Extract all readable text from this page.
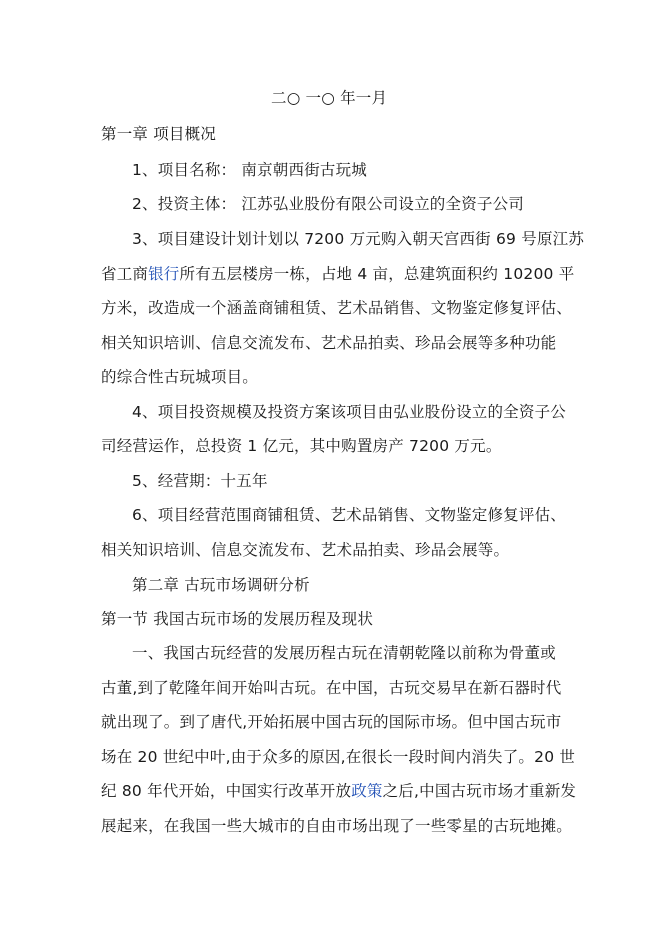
二○ 一○ 年一月
第一章 项目概况
1、项目名称： 南京朝西街古玩城
2、投资主体： 江苏弘业股份有限公司设立的全资子公司
3、项目建设计划计划以 7200 万元购入朝天宫西街 69 号原江苏
省工商银行所有五层楼房一栋，占地 4 亩，总建筑面积约 10200 平
方米，改造成一个涵盖商铺租赁、艺术品销售、文物鉴定修复评估、
相关知识培训、信息交流发布、艺术品拍卖、珍品会展等多种功能
的综合性古玩城项目。
4、项目投资规模及投资方案该项目由弘业股份设立的全资子公
司经营运作，总投资 1 亿元，其中购置房产 7200 万元。
5、经营期：十五年
6、项目经营范围商铺租赁、艺术品销售、文物鉴定修复评估、
相关知识培训、信息交流发布、艺术品拍卖、珍品会展等。
第二章 古玩市场调研分析
第一节 我国古玩市场的发展历程及现状
一、我国古玩经营的发展历程古玩在清朝乾隆以前称为骨董或
古董,到了乾隆年间开始叫古玩。在中国，古玩交易早在新石器时代
就出现了。到了唐代,开始拓展中国古玩的国际市场。但中国古玩市
场在 20 世纪中叶,由于众多的原因,在很长一段时间内消失了。20 世
纪 80 年代开始，中国实行改革开放政策之后,中国古玩市场才重新发
展起来，在我国一些大城市的自由市场出现了一些零星的古玩地摊。
